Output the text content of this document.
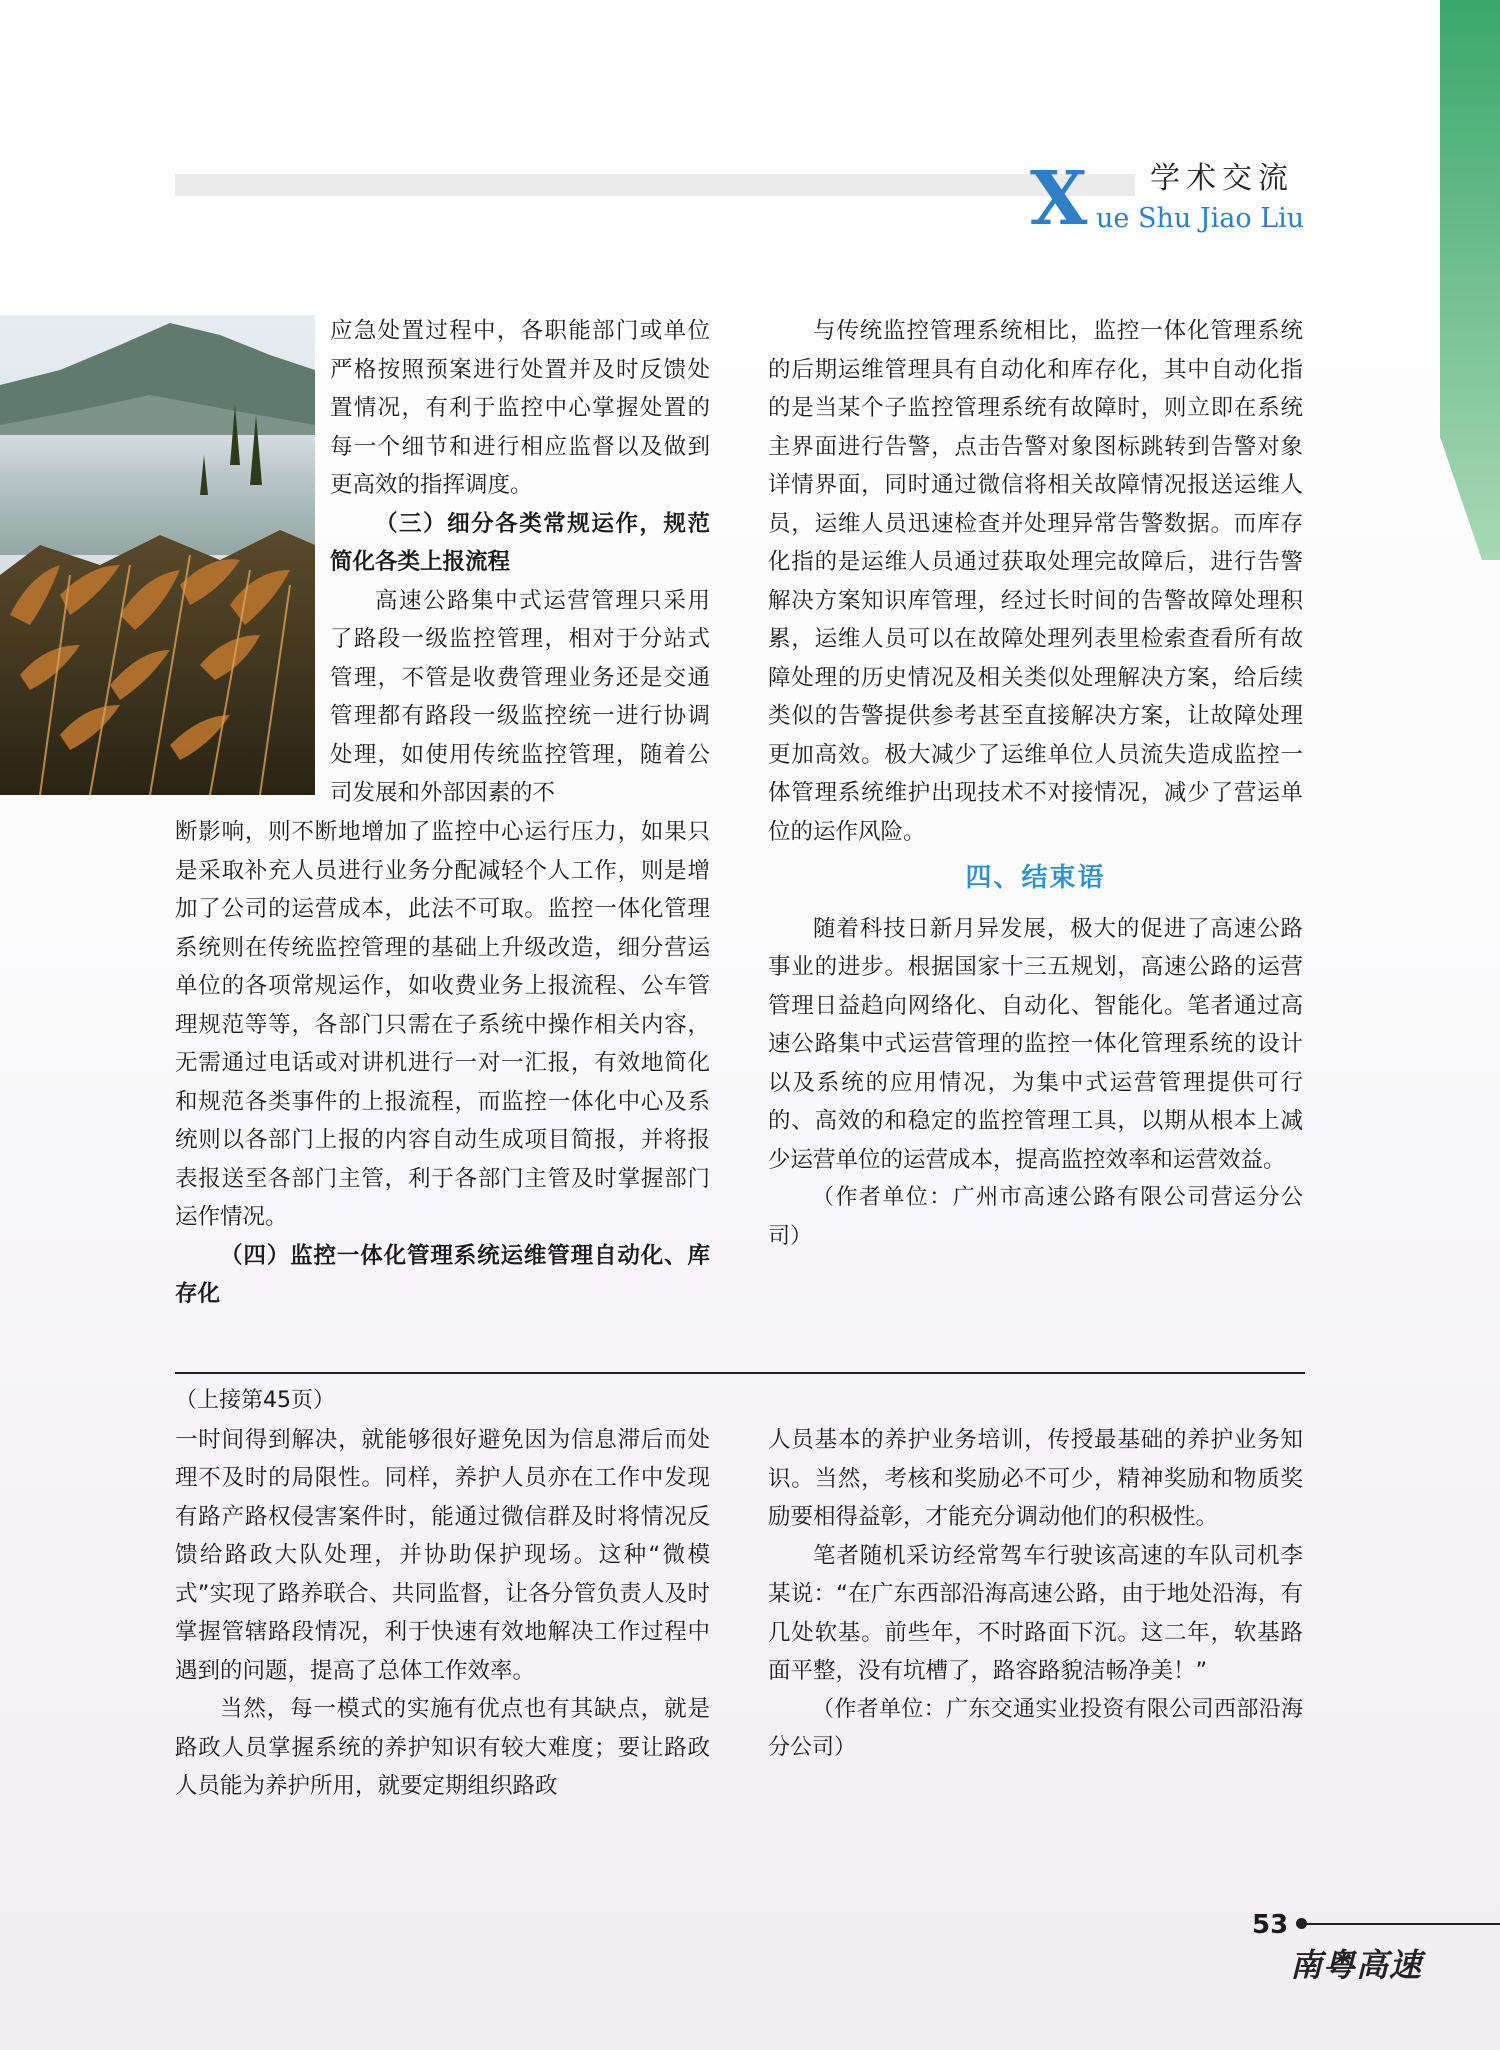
X 学术交流
ue Shu Jiao Liu

应急处置过程中，各职能部门或单位严格按照预案进行处置并及时反馈处置情况，有利于监控中心掌握处置的每一个细节和进行相应监督以及做到更高效的指挥调度。

（三）细分各类常规运作，规范简化各类上报流程

高速公路集中式运营管理只采用了路段一级监控管理，相对于分站式管理，不管是收费管理业务还是交通管理都有路段一级监控统一进行协调处理，如使用传统监控管理，随着公司发展和外部因素的不

断影响，则不断地增加了监控中心运行压力，如果只是采取补充人员进行业务分配减轻个人工作，则是增加了公司的运营成本，此法不可取。监控一体化管理系统则在传统监控管理的基础上升级改造，细分营运单位的各项常规运作，如收费业务上报流程、公车管理规范等等，各部门只需在子系统中操作相关内容，无需通过电话或对讲机进行一对一汇报，有效地简化和规范各类事件的上报流程，而监控一体化中心及系统则以各部门上报的内容自动生成项目简报，并将报表报送至各部门主管，利于各部门主管及时掌握部门运作情况。

（四）监控一体化管理系统运维管理自动化、库存化

与传统监控管理系统相比，监控一体化管理系统的后期运维管理具有自动化和库存化，其中自动化指的是当某个子监控管理系统有故障时，则立即在系统主界面进行告警，点击告警对象图标跳转到告警对象详情界面，同时通过微信将相关故障情况报送运维人员，运维人员迅速检查并处理异常告警数据。而库存化指的是运维人员通过获取处理完故障后，进行告警解决方案知识库管理，经过长时间的告警故障处理积累，运维人员可以在故障处理列表里检索查看所有故障处理的历史情况及相关类似处理解决方案，给后续类似的告警提供参考甚至直接解决方案，让故障处理更加高效。极大减少了运维单位人员流失造成监控一体管理系统维护出现技术不对接情况，减少了营运单位的运作风险。

四、结束语

随着科技日新月异发展，极大的促进了高速公路事业的进步。根据国家十三五规划，高速公路的运营管理日益趋向网络化、自动化、智能化。笔者通过高速公路集中式运营管理的监控一体化管理系统的设计以及系统的应用情况，为集中式运营管理提供可行的、高效的和稳定的监控管理工具，以期从根本上减少运营单位的运营成本，提高监控效率和运营效益。

（作者单位：广州市高速公路有限公司营运分公司）

（上接第45页）

一时间得到解决，就能够很好避免因为信息滞后而处理不及时的局限性。同样，养护人员亦在工作中发现有路产路权侵害案件时，能通过微信群及时将情况反馈给路政大队处理，并协助保护现场。这种“微模式”实现了路养联合、共同监督，让各分管负责人及时掌握管辖路段情况，利于快速有效地解决工作过程中遇到的问题，提高了总体工作效率。

当然，每一模式的实施有优点也有其缺点，就是路政人员掌握系统的养护知识有较大难度；要让路政人员能为养护所用，就要定期组织路政

人员基本的养护业务培训，传授最基础的养护业务知识。当然，考核和奖励必不可少，精神奖励和物质奖励要相得益彰，才能充分调动他们的积极性。

笔者随机采访经常驾车行驶该高速的车队司机李某说：“在广东西部沿海高速公路，由于地处沿海，有几处软基。前些年，不时路面下沉。这二年，软基路面平整，没有坑槽了，路容路貌洁畅净美！”

（作者单位：广东交通实业投资有限公司西部沿海分公司）

53
南粤高速
